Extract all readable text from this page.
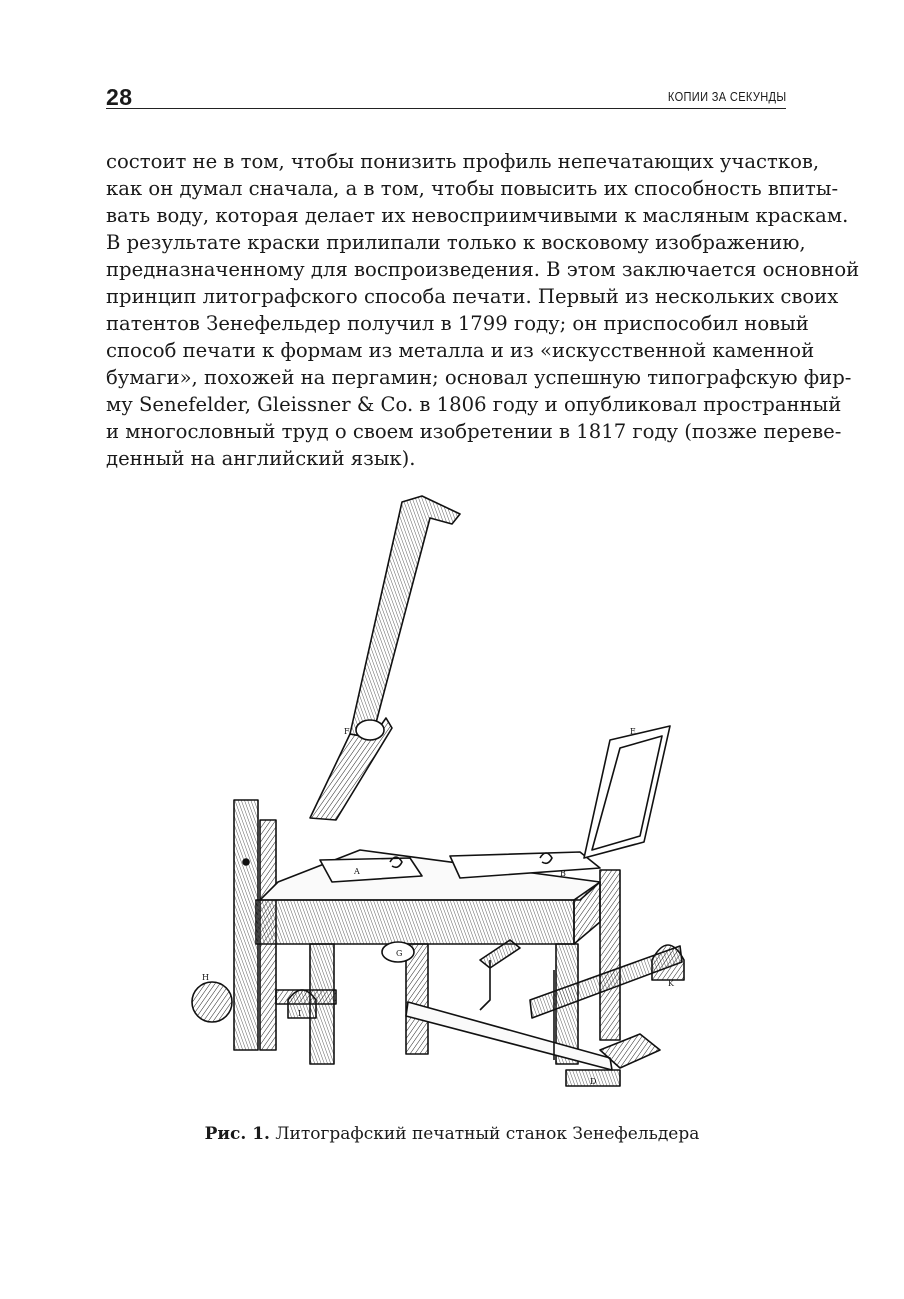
28	КОПИИ ЗА СЕКУНДЫ
состоит не в том, чтобы понизить профиль непечатающих участков,
как он думал сначала, а в том, чтобы повысить их способность впиты-
вать воду, которая делает их невосприимчивыми к масляным краскам.
В результате краски прилипали только к восковому изображению,
предназначенному для воспроизведения. В этом заключается основной
принцип литографского способа печати. Первый из нескольких своих
патентов Зенефельдер получил в 1799 году; он приспособил новый
способ печати к формам из металла и из «искусственной каменной
бумаги», похожей на пергамин; основал успешную типографскую фир-
му Senefelder, Gleissner & Co. в 1806 году и опубликовал пространный
и многословный труд о своем изобретении в 1817 году (позже переве-
денный на английский язык).
F	E
A	B
H
K
I
G
D
Рис. 1. Литографский печатный станок Зенефельдера
